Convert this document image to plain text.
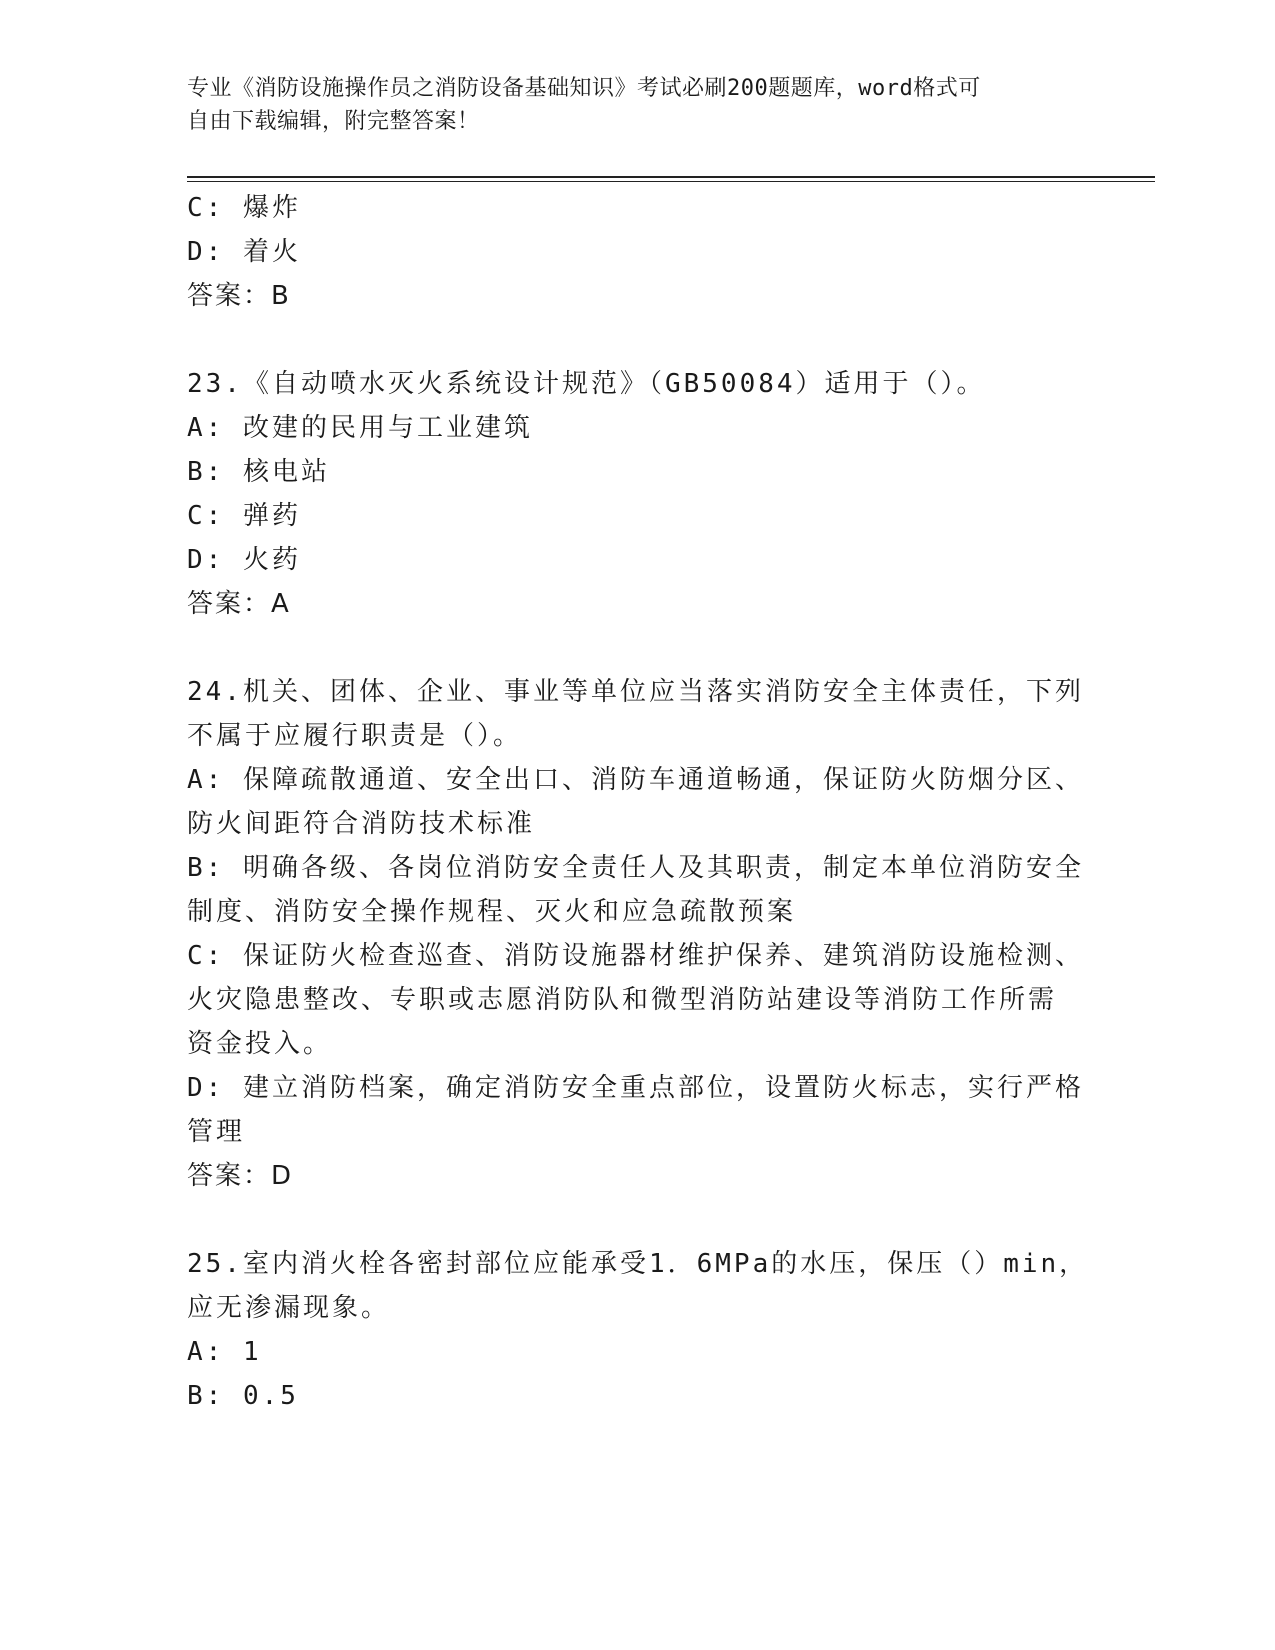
专业《消防设施操作员之消防设备基础知识》考试必刷200题题库，word格式可
自由下载编辑，附完整答案！
C: 爆炸
D: 着火
答案：B
23.《自动喷水灭火系统设计规范》（GB50084）适用于（）。
A: 改建的民用与工业建筑
B: 核电站
C: 弹药
D: 火药
答案：A
24.机关、团体、企业、事业等单位应当落实消防安全主体责任，下列
不属于应履行职责是（）。
A: 保障疏散通道、安全出口、消防车通道畅通，保证防火防烟分区、
防火间距符合消防技术标准
B: 明确各级、各岗位消防安全责任人及其职责，制定本单位消防安全
制度、消防安全操作规程、灭火和应急疏散预案
C: 保证防火检查巡查、消防设施器材维护保养、建筑消防设施检测、
火灾隐患整改、专职或志愿消防队和微型消防站建设等消防工作所需
资金投入。
D: 建立消防档案，确定消防安全重点部位，设置防火标志，实行严格
管理
答案：D
25.室内消火栓各密封部位应能承受1．6MPa的水压，保压（）min，
应无渗漏现象。
A: 1
B: 0.5
